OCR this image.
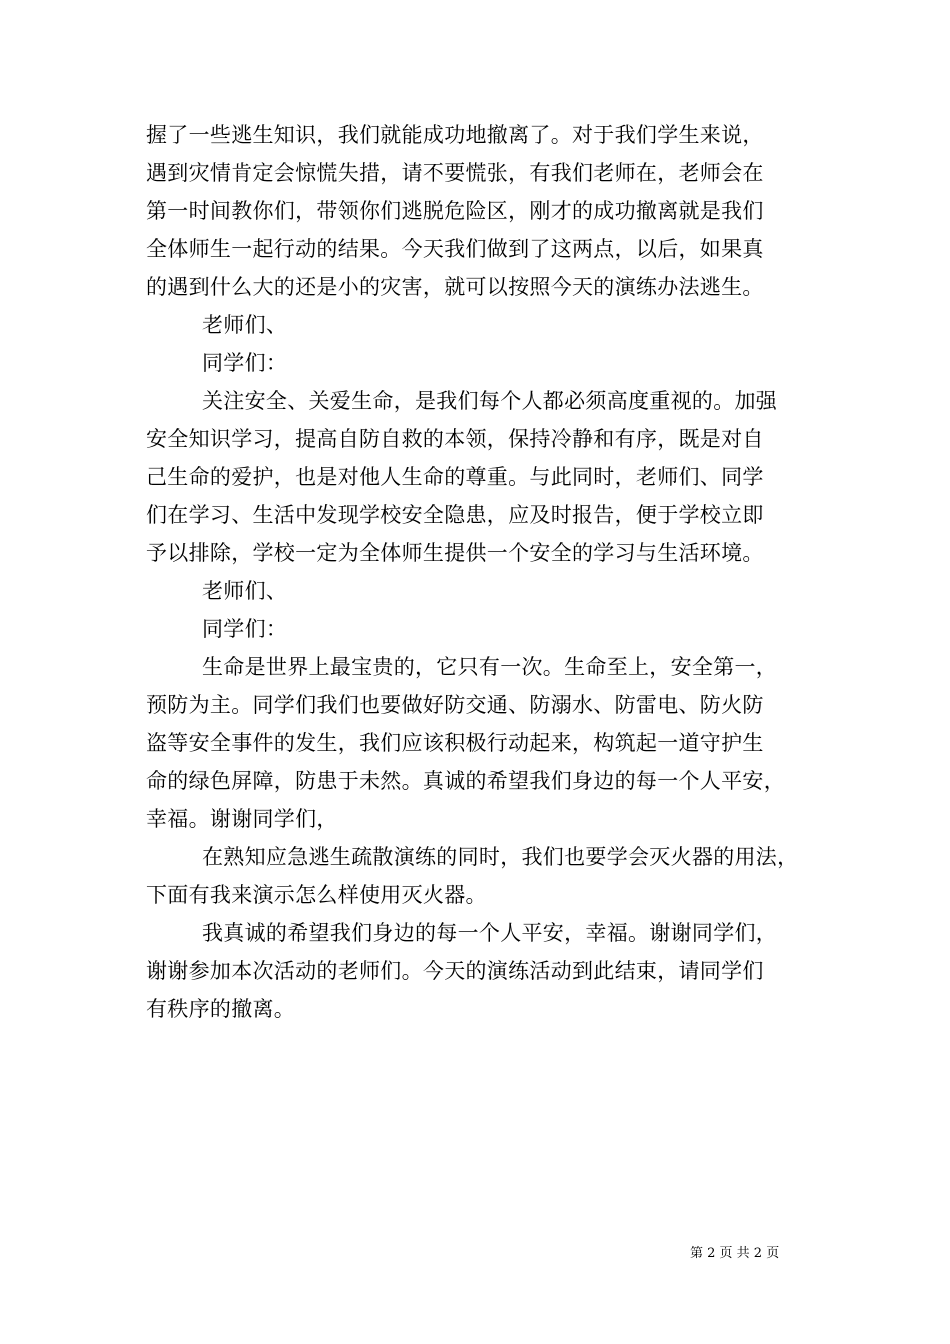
握了一些逃生知识，我们就能成功地撤离了。对于我们学生来说，
遇到灾情肯定会惊慌失措，请不要慌张，有我们老师在，老师会在
第一时间教你们，带领你们逃脱危险区，刚才的成功撤离就是我们
全体师生一起行动的结果。今天我们做到了这两点，以后，如果真
的遇到什么大的还是小的灾害，就可以按照今天的演练办法逃生。
老师们、
同学们：
关注安全、关爱生命，是我们每个人都必须高度重视的。加强
安全知识学习，提高自防自救的本领，保持冷静和有序，既是对自
己生命的爱护，也是对他人生命的尊重。与此同时，老师们、同学
们在学习、生活中发现学校安全隐患，应及时报告，便于学校立即
予以排除，学校一定为全体师生提供一个安全的学习与生活环境。
老师们、
同学们：
生命是世界上最宝贵的，它只有一次。生命至上，安全第一，
预防为主。同学们我们也要做好防交通、防溺水、防雷电、防火防
盗等安全事件的发生，我们应该积极行动起来，构筑起一道守护生
命的绿色屏障，防患于未然。真诚的希望我们身边的每一个人平安，
幸福。谢谢同学们，
在熟知应急逃生疏散演练的同时，我们也要学会灭火器的用法，
下面有我来演示怎么样使用灭火器。
我真诚的希望我们身边的每一个人平安，幸福。谢谢同学们，
谢谢参加本次活动的老师们。今天的演练活动到此结束，请同学们
有秩序的撤离。
第 2 页 共 2 页
